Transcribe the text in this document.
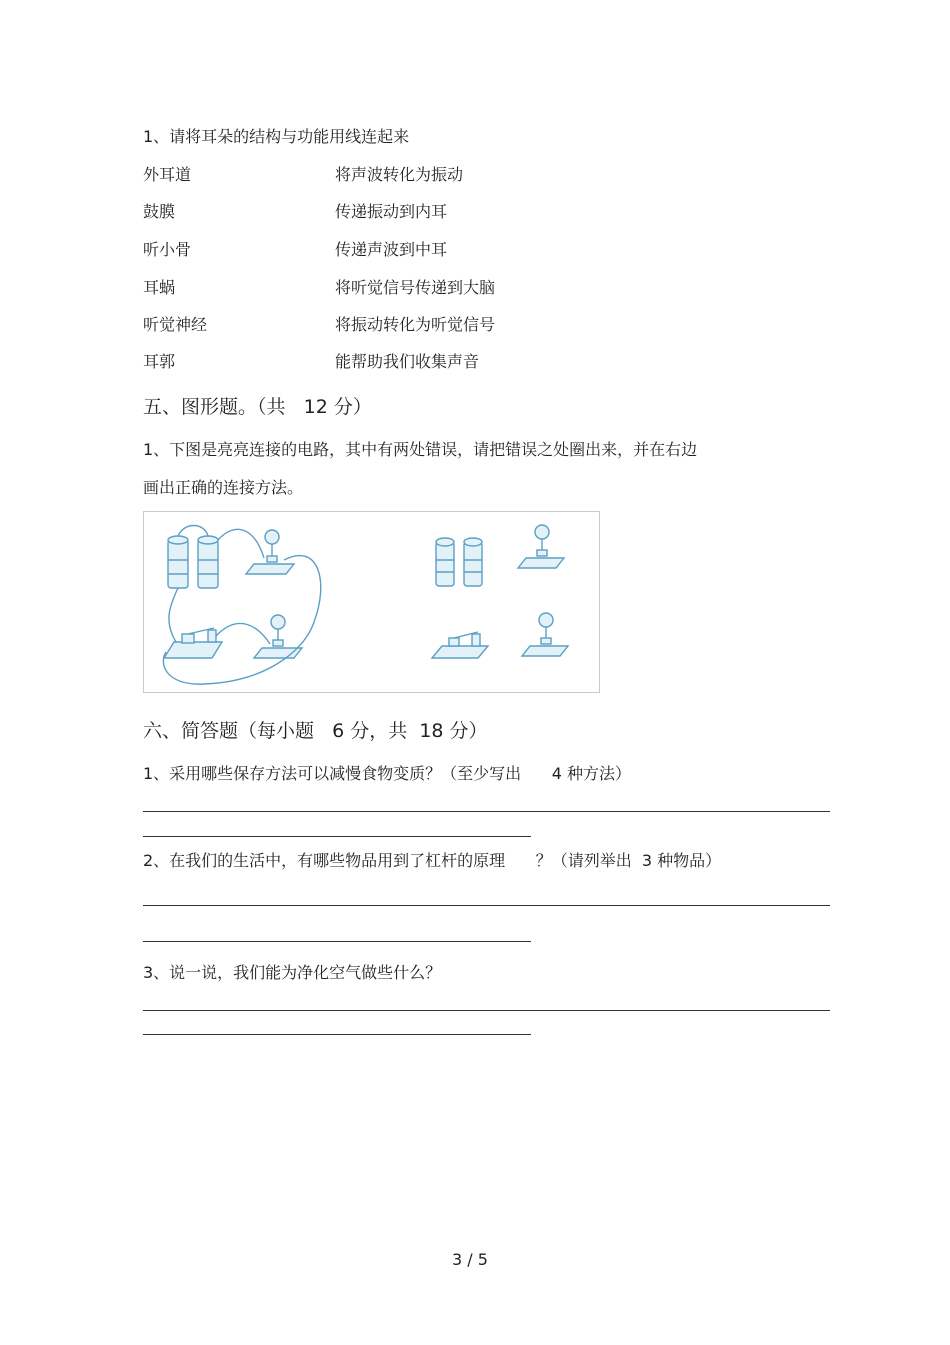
1、请将耳朵的结构与功能用线连起来
外耳道
鼓膜
听小骨
耳蜗
听觉神经
耳郭
将声波转化为振动
传递振动到内耳
传递声波到中耳
将听觉信号传递到大脑
将振动转化为听觉信号
能帮助我们收集声音
五、图形题。（共   12 分）
1、下图是亮亮连接的电路，其中有两处错误，请把错误之处圈出来，并在右边
画出正确的连接方法。
六、简答题（每小题   6 分，共  18 分）
1、采用哪些保存方法可以减慢食物变质？（至少写出      4 种方法）
2、在我们的生活中，有哪些物品用到了杠杆的原理      ？（请列举出  3 种物品）
3、说一说，我们能为净化空气做些什么？
3 / 5
